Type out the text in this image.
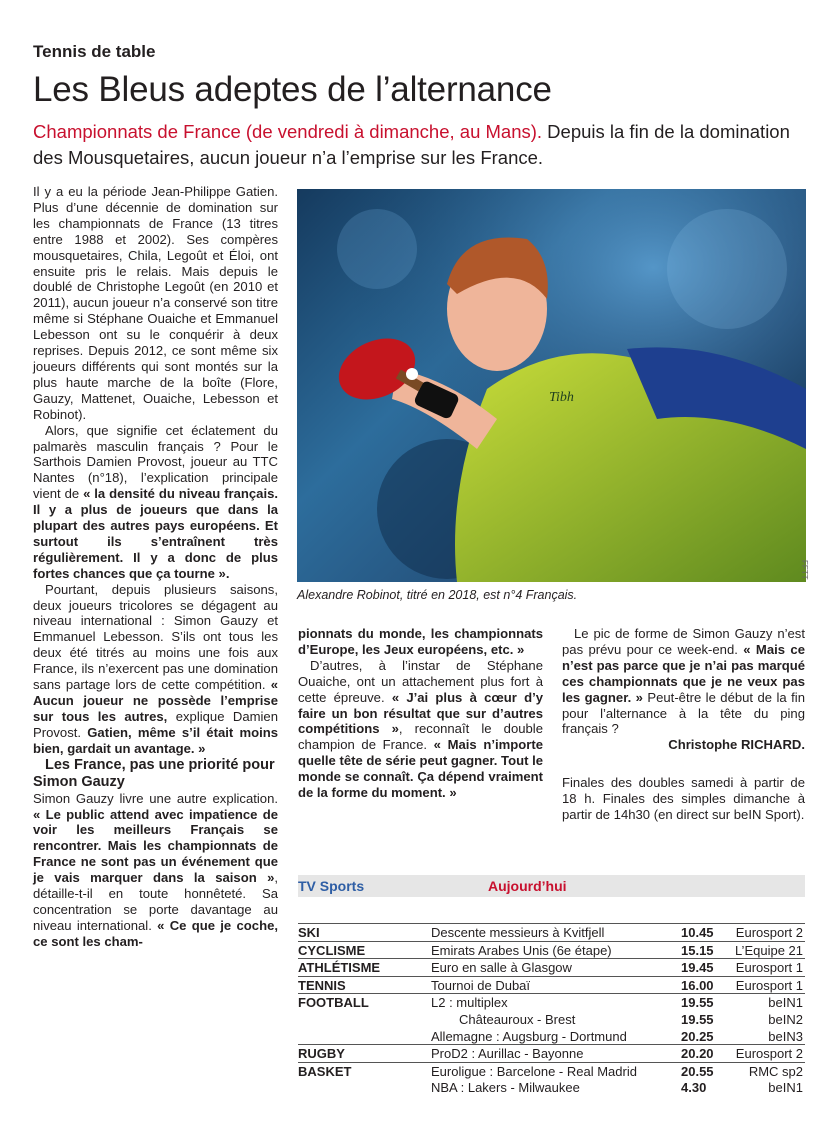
Tennis de table
Les Bleus adeptes de l’alternance
Championnats de France (de vendredi à dimanche, au Mans). Depuis la fin de la domination des Mousquetaires, aucun joueur n’a l’emprise sur les France.

Il y a eu la période Jean-Philippe Gatien. Plus d’une décennie de domination sur les championnats de France (13 titres entre 1988 et 2002). Ses compères mousquetaires, Chila, Legoût et Éloi, ont ensuite pris le relais. Mais depuis le doublé de Christophe Legoût (en 2010 et 2011), aucun joueur n’a conservé son titre même si Stéphane Ouaiche et Emmanuel Lebesson ont su le conquérir à deux reprises. Depuis 2012, ce sont même six joueurs différents qui sont montés sur la plus haute marche de la boîte (Flore, Gauzy, Mattenet, Ouaiche, Lebesson et Robinot).

Alors, que signifie cet éclatement du palmarès masculin français ? Pour le Sarthois Damien Provost, joueur au TTC Nantes (n°18), l’explication principale vient de « la densité du niveau français. Il y a plus de joueurs que dans la plupart des autres pays européens. Et surtout ils s’entraînent très régulièrement. Il y a donc de plus fortes chances que ça tourne ».

Pourtant, depuis plusieurs saisons, deux joueurs tricolores se dégagent au niveau international : Simon Gauzy et Emmanuel Lebesson. S’ils ont tous les deux été titrés au moins une fois aux France, ils n’exercent pas une domination sans partage lors de cette compétition. « Aucun joueur ne possède l’emprise sur tous les autres, explique Damien Provost. Gatien, même s’il était moins bien, gardait un avantage. »

Les France, pas une priorité pour Simon Gauzy

Simon Gauzy livre une autre explication. « Le public attend avec impatience de voir les meilleurs Français se rencontrer. Mais les championnats de France ne sont pas un événement que je vais marquer dans la saison », détaille-t-il en toute honnêteté. Sa concentration se porte davantage au niveau international. « Ce que je coche, ce sont les cham-

Tibh
Alexandre Robinot, titré en 2018, est n°4 Français.
FFTT

pionnats du monde, les championnats d’Europe, les Jeux européens, etc. »

D’autres, à l’instar de Stéphane Ouaiche, ont un attachement plus fort à cette épreuve. « J’ai plus à cœur d’y faire un bon résultat que sur d’autres compétitions », reconnaît le double champion de France. « Mais n’importe quelle tête de série peut gagner. Tout le monde se connaît. Ça dépend vraiment de la forme du moment. »

Le pic de forme de Simon Gauzy n’est pas prévu pour ce week-end. « Mais ce n’est pas parce que je n’ai pas marqué ces championnats que je ne veux pas les gagner. » Peut-être le début de la fin pour l’alternance à la tête du ping français ?

Christophe RICHARD.

Finales des doubles samedi à partir de 18 h. Finales des simples dimanche à partir de 14h30 (en direct sur beIN Sport).

TV Sports	Aujourd’hui
SKI	Descente messieurs à Kvitfjell	10.45 Eurosport 2
CYCLISME	Emirats Arabes Unis (6e étape)	15.15 L’Equipe 21
ATHLÉTISME	Euro en salle à Glasgow	19.45 Eurosport 1
TENNIS	Tournoi de Dubaï	16.00 Eurosport 1
FOOTBALL	L2 : multiplex	19.55	beIN1
Châteauroux - Brest	19.55	beIN2
Allemagne : Augsburg - Dortmund	20.25	beIN3
RUGBY	ProD2 : Aurillac - Bayonne	20.20 Eurosport 2
BASKET	Euroligue : Barcelone - Real Madrid	20.55	RMC sp2
NBA : Lakers - Milwaukee	4.30	beIN1
